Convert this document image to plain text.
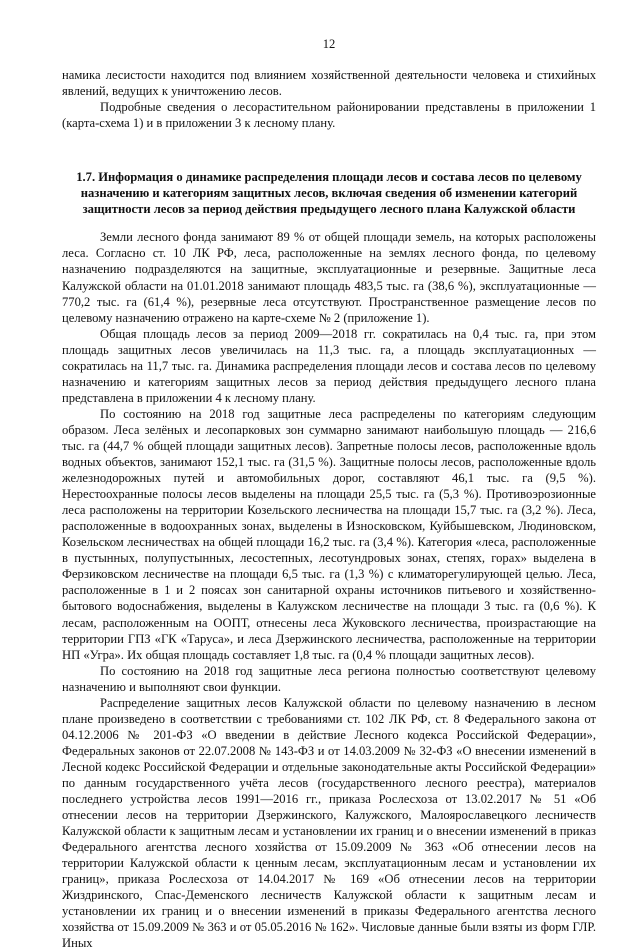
12

намика лесистости находится под влиянием хозяйственной деятельности человека и стихийных явлений, ведущих к уничтожению лесов.

Подробные сведения о лесорастительном районировании представлены в приложении 1 (карта-схема 1) и в приложении 3 к лесному плану.

1.7. Информация о динамике распределения площади лесов и состава лесов по целевому назначению и категориям защитных лесов, включая сведения об изменении категорий защитности лесов за период действия предыдущего лесного плана Калужской области

Земли лесного фонда занимают 89 % от общей площади земель, на которых расположены леса. Согласно ст. 10 ЛК РФ, леса, расположенные на землях лесного фонда, по целевому назначению подразделяются на защитные, эксплуатационные и резервные. Защитные леса Калужской области на 01.01.2018 занимают площадь 483,5 тыс. га (38,6 %), эксплуатационные — 770,2 тыс. га (61,4 %), резервные леса отсутствуют. Пространственное размещение лесов по целевому назначению отражено на карте-схеме № 2 (приложение 1).

Общая площадь лесов за период 2009—2018 гг. сократилась на 0,4 тыс. га, при этом площадь защитных лесов увеличилась на 11,3 тыс. га, а площадь эксплуатационных — сократилась на 11,7 тыс. га. Динамика распределения площади лесов и состава лесов по целевому назначению и категориям защитных лесов за период действия предыдущего лесного плана представлена в приложении 4 к лесному плану.

По состоянию на 2018 год защитные леса распределены по категориям следующим образом. Леса зелёных и лесопарковых зон суммарно занимают наибольшую площадь — 216,6 тыс. га (44,7 % общей площади защитных лесов). Запретные полосы лесов, расположенные вдоль водных объектов, занимают 152,1 тыс. га (31,5 %). Защитные полосы лесов, расположенные вдоль железнодорожных путей и автомобильных дорог, составляют 46,1 тыс. га (9,5 %). Нерестоохранные полосы лесов выделены на площади 25,5 тыс. га (5,3 %). Противоэрозионные леса расположены на территории Козельского лесничества на площади 15,7 тыс. га (3,2 %). Леса, расположенные в водоохранных зонах, выделены в Износковском, Куйбышевском, Людиновском, Козельском лесничествах на общей площади 16,2 тыс. га (3,4 %). Категория «леса, расположенные в пустынных, полупустынных, лесостепных, лесотундровых зонах, степях, горах» выделена в Ферзиковском лесничестве на площади 6,5 тыс. га (1,3 %) с климаторегулирующей целью. Леса, расположенные в 1 и 2 поясах зон санитарной охраны источников питьевого и хозяйственно-бытового водоснабжения, выделены в Калужском лесничестве на площади 3 тыс. га (0,6 %). К лесам, расположенным на ООПТ, отнесены леса Жуковского лесничества, произрастающие на территории ГПЗ «ГК «Таруса», и леса Дзержинского лесничества, расположенные на территории НП «Угра». Их общая площадь составляет 1,8 тыс. га (0,4 % площади защитных лесов).

По состоянию на 2018 год защитные леса региона полностью соответствуют целевому назначению и выполняют свои функции.

Распределение защитных лесов Калужской области по целевому назначению в лесном плане произведено в соответствии с требованиями ст. 102 ЛК РФ, ст. 8 Федерального закона от 04.12.2006 № 201-ФЗ «О введении в действие Лесного кодекса Российской Федерации», Федеральных законов от 22.07.2008 № 143-ФЗ и от 14.03.2009 № 32-ФЗ «О внесении изменений в Лесной кодекс Российской Федерации и отдельные законодательные акты Российской Федерации» по данным государственного учёта лесов (государственного лесного реестра), материалов последнего устройства лесов 1991—2016 гг., приказа Рослесхоза от 13.02.2017 № 51 «Об отнесении лесов на территории Дзержинского, Калужского, Малоярославецкого лесничеств Калужской области к защитным лесам и установлении их границ и о внесении изменений в приказ Федерального агентства лесного хозяйства от 15.09.2009 № 363 «Об отнесении лесов на территории Калужской области к ценным лесам, эксплуатационным лесам и установлении их границ», приказа Рослесхоза от 14.04.2017 № 169 «Об отнесении лесов на территории Жиздринского, Спас-Деменского лесничеств Калужской области к защитным лесам и установлении их границ и о внесении изменений в приказы Федерального агентства лесного хозяйства от 15.09.2009 № 363 и от 05.05.2016 № 162». Числовые данные были взяты из форм ГЛР. Иных
